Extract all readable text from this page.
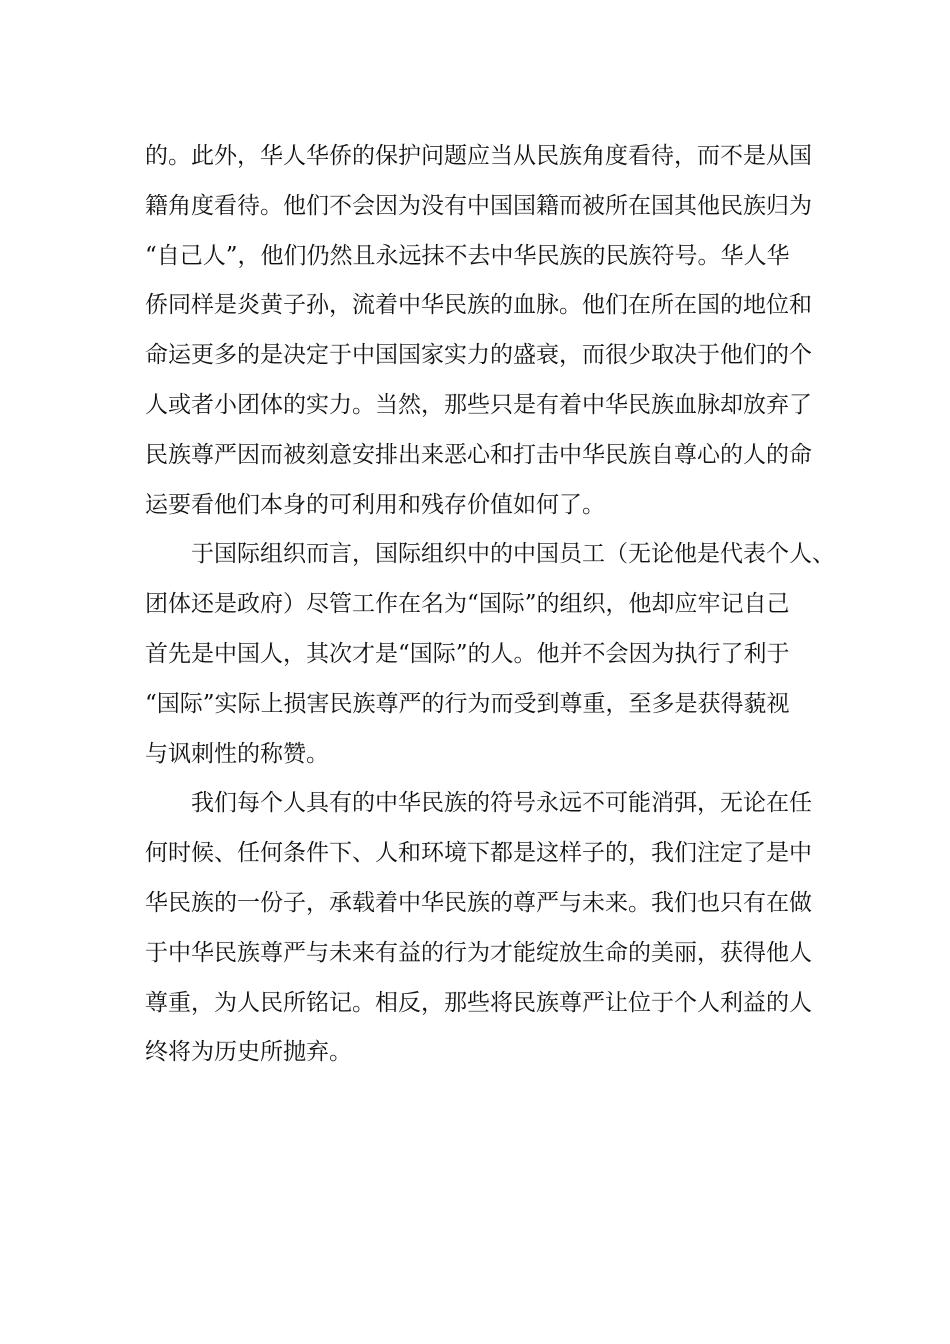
的。此外，华人华侨的保护问题应当从民族角度看待，而不是从国
籍角度看待。他们不会因为没有中国国籍而被所在国其他民族归为
“自己人”，他们仍然且永远抹不去中华民族的民族符号。华人华
侨同样是炎黄子孙，流着中华民族的血脉。他们在所在国的地位和
命运更多的是决定于中国国家实力的盛衰，而很少取决于他们的个
人或者小团体的实力。当然，那些只是有着中华民族血脉却放弃了
民族尊严因而被刻意安排出来恶心和打击中华民族自尊心的人的命
运要看他们本身的可利用和残存价值如何了。
于国际组织而言，国际组织中的中国员工（无论他是代表个人、
团体还是政府）尽管工作在名为“国际”的组织，他却应牢记自己
首先是中国人，其次才是“国际”的人。他并不会因为执行了利于
“国际”实际上损害民族尊严的行为而受到尊重，至多是获得藐视
与讽刺性的称赞。
我们每个人具有的中华民族的符号永远不可能消弭，无论在任
何时候、任何条件下、人和环境下都是这样子的，我们注定了是中
华民族的一份子，承载着中华民族的尊严与未来。我们也只有在做
于中华民族尊严与未来有益的行为才能绽放生命的美丽，获得他人
尊重，为人民所铭记。相反，那些将民族尊严让位于个人利益的人
终将为历史所抛弃。
